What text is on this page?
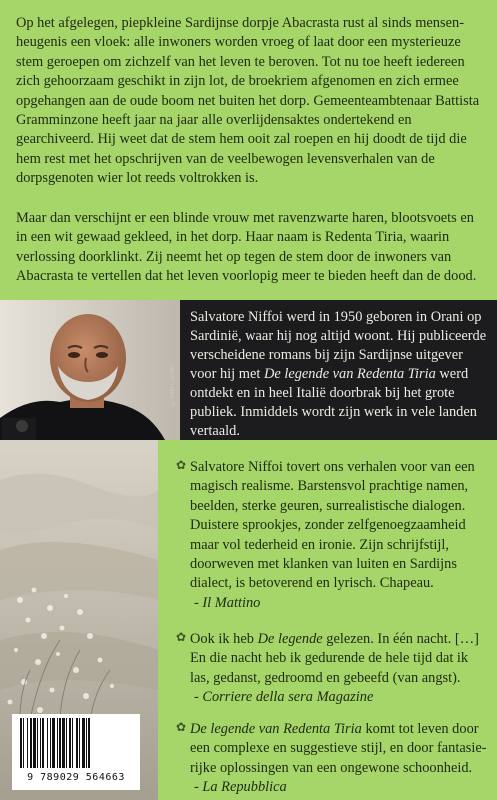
Op het afgelegen, piepkleine Sardijnse dorpje Abacrasta rust al sinds mensenheugenis een vloek: alle inwoners worden vroeg of laat door een mysterieuze stem geroepen om zichzelf van het leven te beroven. Tot nu toe heeft iedereen zich gehoorzaam geschikt in zijn lot, de broekriem afgenomen en zich ermee opgehangen aan de oude boom net buiten het dorp. Gemeenteambtenaar Battista Gramminzone heeft jaar na jaar alle overlijdensaktes ondertekend en gearchiveerd. Hij weet dat de stem hem ooit zal roepen en hij doodt de tijd die hem rest met het opschrijven van de veelbewogen levensverhalen van de dorpsgenoten wier lot reeds voltrokken is.

Maar dan verschijnt er een blinde vrouw met ravenzwarte haren, blootsvoets en in een wit gewaad gekleed, in het dorp. Haar naam is Redenta Tiria, waarin verlossing doorklinkt. Zij neemt het op tegen de stem door de inwoners van Abacrasta te vertellen dat het leven voorlopig meer te bieden heeft dan de dood.

© Aldo Corsoni

Salvatore Niffoi werd in 1950 geboren in Orani op Sardinië, waar hij nog altijd woont. Hij publiceerde verscheidene romans bij zijn Sardijnse uitgever voor hij met De legende van Redenta Tiria werd ontdekt en in heel Italië doorbrak bij het grote publiek. Inmiddels wordt zijn werk in vele landen vertaald.

✿ Salvatore Niffoi tovert ons verhalen voor van een magisch realisme. Barstensvol prachtige namen, beelden, sterke geuren, surrealistische dialogen. Duistere sprookjes, zonder zelfgenoegzaamheid maar vol tederheid en ironie. Zijn schrijfstijl, doorweven met klanken van luiten en Sardijns dialect, is betoverend en lyrisch. Chapeau.

- Il Mattino

✿ Ook ik heb De legende gelezen. In één nacht. […] En die nacht heb ik gedurende de hele tijd dat ik las, gedanst, gedroomd en gebeefd (van angst).

- Corriere della sera Magazine

✿ De legende van Redenta Tiria komt tot leven door een complexe en suggestieve stijl, en door fantasierijke oplossingen van een ongewone schoonheid.

- La Repubblica

9 789029 564663
